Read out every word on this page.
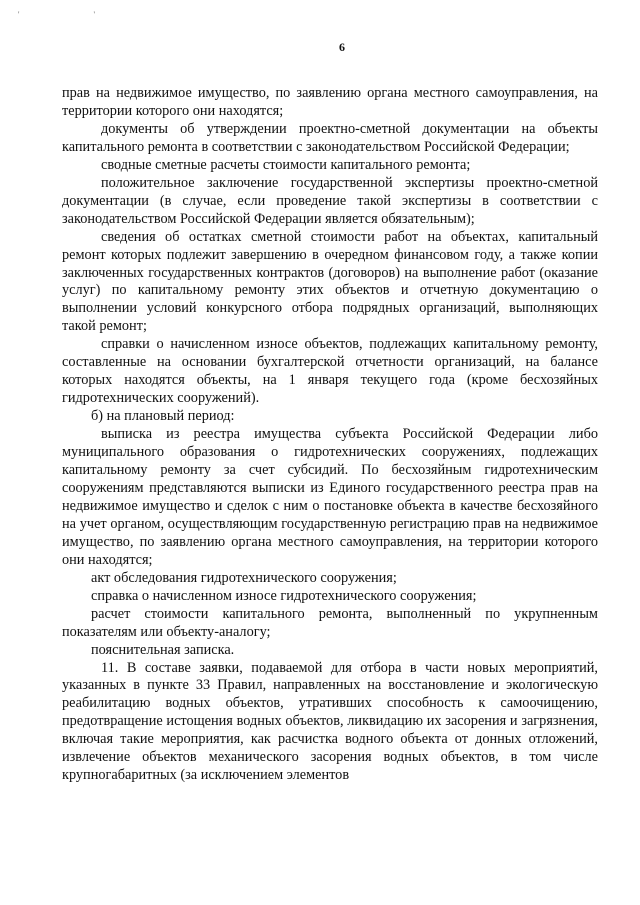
' '
6

прав на недвижимое имущество, по заявлению органа местного самоуправления, на территории которого они находятся;

документы об утверждении проектно-сметной документации на объекты капитального ремонта в соответствии с законодательством Российской Федерации;

сводные сметные расчеты стоимости капитального ремонта;

положительное заключение государственной экспертизы проектно-сметной документации (в случае, если проведение такой экспертизы в соответствии с законодательством Российской Федерации является обязательным);

сведения об остатках сметной стоимости работ на объектах, капитальный ремонт которых подлежит завершению в очередном финансовом году, а также копии заключенных государственных контрактов (договоров) на выполнение работ (оказание услуг) по капитальному ремонту этих объектов и отчетную документацию о выполнении условий конкурсного отбора подрядных организаций, выполняющих такой ремонт;

справки о начисленном износе объектов, подлежащих капитальному ремонту, составленные на основании бухгалтерской отчетности организаций, на балансе которых находятся объекты, на 1 января текущего года (кроме бесхозяйных гидротехнических сооружений).

б) на плановый период:

выписка из реестра имущества субъекта Российской Федерации либо муниципального образования о гидротехнических сооружениях, подлежащих капитальному ремонту за счет субсидий. По бесхозяйным гидротехническим сооружениям представляются выписки из Единого государственного реестра прав на недвижимое имущество и сделок с ним о постановке объекта в качестве бесхозяйного на учет органом, осуществляющим государственную регистрацию прав на недвижимое имущество, по заявлению органа местного самоуправления, на территории которого они находятся;

акт обследования гидротехнического сооружения;

справка о начисленном износе гидротехнического сооружения;

расчет стоимости капитального ремонта, выполненный по укрупненным показателям или объекту-аналогу;

пояснительная записка.

11. В составе заявки, подаваемой для отбора в части новых мероприятий, указанных в пункте 33 Правил, направленных на восстановление и экологическую реабилитацию водных объектов, утративших способность к самоочищению, предотвращение истощения водных объектов, ликвидацию их засорения и загрязнения, включая такие мероприятия, как расчистка водного объекта от донных отложений, извлечение объектов механического засорения водных объектов, в том числе крупногабаритных (за исключением элементов
